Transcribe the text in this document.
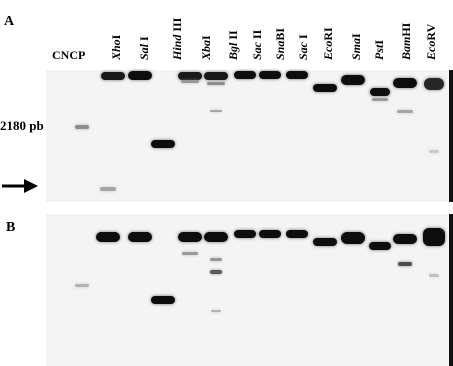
A
B
CNCP
2180 pb
XhoI
Sal I Hind III
XbaI
Bgl II
Sac II
SnaBI
Sac I
EcoRI
SmaI
PstI BamHI
EcoRV
